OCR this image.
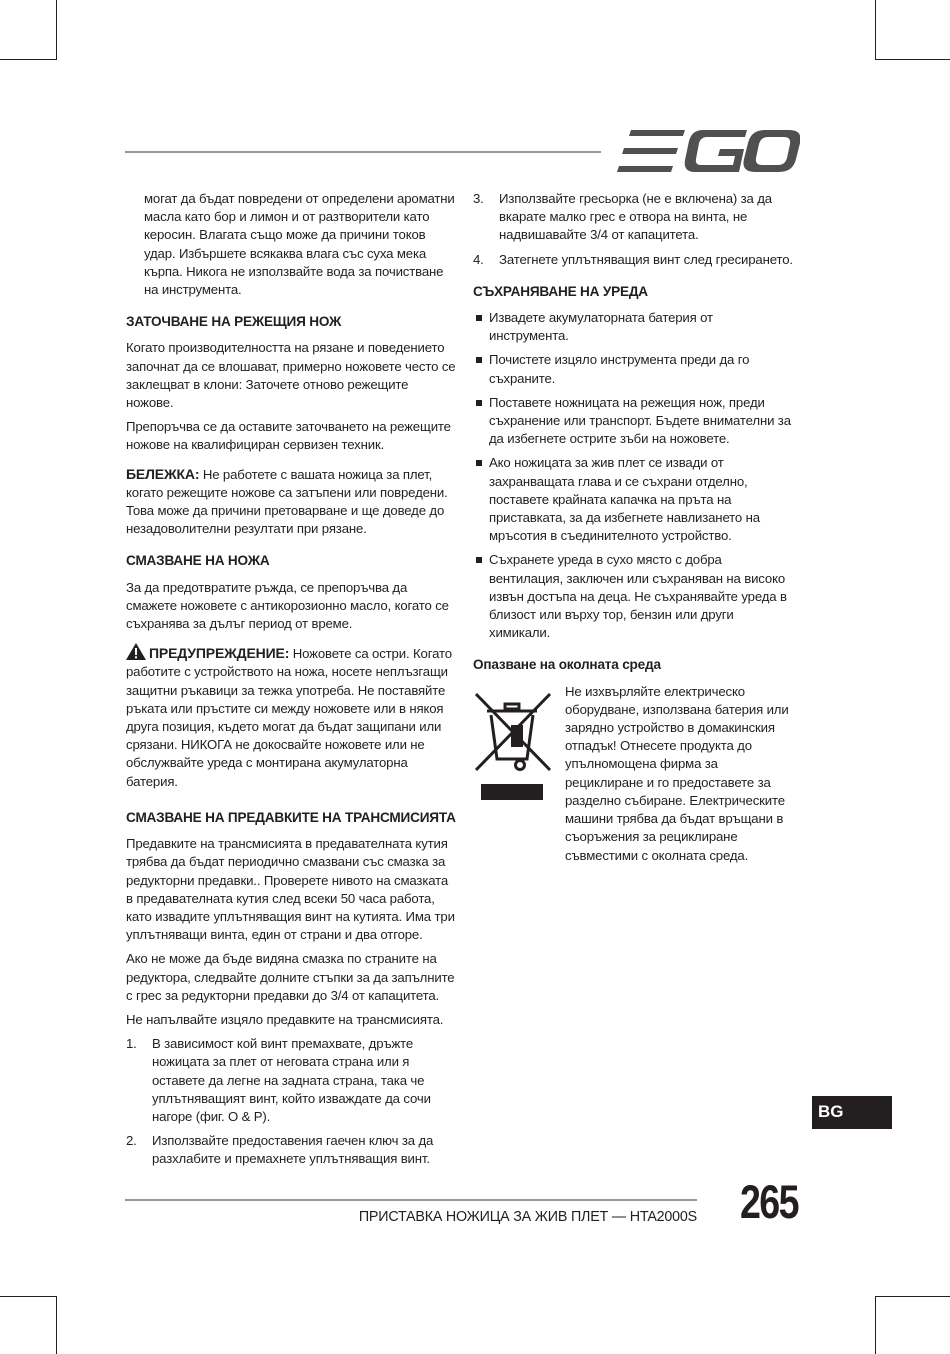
могат да бъдат повредени от определени ароматни масла като бор и лимон и от разтворители като керосин. Влагата също може да причини токов удар. Избършете всякаква влага със суха мека кърпа. Никога не използвайте вода за почистване на инструмента.

ЗАТОЧВАНЕ НА РЕЖЕЩИЯ НОЖ

Когато производителността на рязане и поведението започнат да се влошават, примерно ножовете често се заклещват в клони: Заточете отново режещите ножове.

Препоръчва се да оставите заточването на режещите ножове на квалифициран сервизен техник.

БЕЛЕЖКА: Не работете с вашата ножица за плет, когато режещите ножове са затъпени или повредени. Това може да причини претоварване и ще доведе до незадоволителни резултати при рязане.

СМАЗВАНЕ НА НОЖА

За да предотвратите ръжда, се препоръчва да смажете ножовете с антикорозионно масло, когато се съхранява за дълъг период от време.

ПРЕДУПРЕЖДЕНИЕ: Ножовете са остри. Когато работите с устройството на ножа, носете неплъзгащи защитни ръкавици за тежка употреба. Не поставяйте ръката или пръстите си между ножовете или в някоя друга позиция, където могат да бъдат защипани или срязани. НИКОГА не докосвайте ножовете или не обслужвайте уреда с монтирана акумулаторна батерия.

СМАЗВАНЕ НА ПРЕДАВКИТЕ НА ТРАНСМИСИЯТА

Предавките на трансмисията в предавателната кутия трябва да бъдат периодично смазвани със смазка за редукторни предавки.. Проверете нивото на смазката в предавателната кутия след всеки 50 часа работа, като извадите уплътняващия винт на кутията. Има три уплътняващи винта, един от страни и два отгоре.

Ако не може да бъде видяна смазка по страните на редуктора, следвайте долните стъпки за да запълните с грес за редукторни предавки до 3/4 от капацитета.

Не напълвайте изцяло предавките на трансмисията.

1. В зависимост кой винт премахвате, дръжте ножицата за плет от неговата страна или я оставете да легне на задната страна, така че уплътняващият винт, който изваждате да сочи нагоре (фиг. O & P).
2. Използвайте предоставения гаечен ключ за да разхлабите и премахнете уплътняващия винт.
3. Използвайте гресьорка (не е включена) за да вкарате малко грес е отвора на винта, не надвишавайте 3/4 от капацитета.
4. Затегнете уплътняващия винт след гресирането.
СЪХРАНЯВАНЕ НА УРЕДА
Извадете акумулаторната батерия от инструмента.
Почистете изцяло инструмента преди да го съхраните.
Поставете ножницата на режещия нож, преди съхранение или транспорт. Бъдете внимателни за да избегнете острите зъби на ножовете.
Ако ножицата за жив плет се извади от захранващата глава и се съхрани отделно, поставете крайната капачка на пръта на приставката, за да избегнете навлизането на мръсотия в съединителното устройство.
Съхранете уреда в сухо място с добра вентилация, заключен или съхраняван на високо извън достъпа на деца. Не съхранявайте уреда в близост или върху тор, бензин или други химикали.
Опазване на околната среда
Не изхвърляйте електрическо оборудване, използвана батерия или зарядно устройство в домакинския отпадък! Отнесете продукта до упълномощена фирма за рециклиране и го предоставете за разделно събиране. Електрическите машини трябва да бъдат връщани в съоръжения за рециклиране съвместими с околната среда.
BG
ПРИСТАВКА НОЖИЦА ЗА ЖИВ ПЛЕТ — HTA2000S 265
